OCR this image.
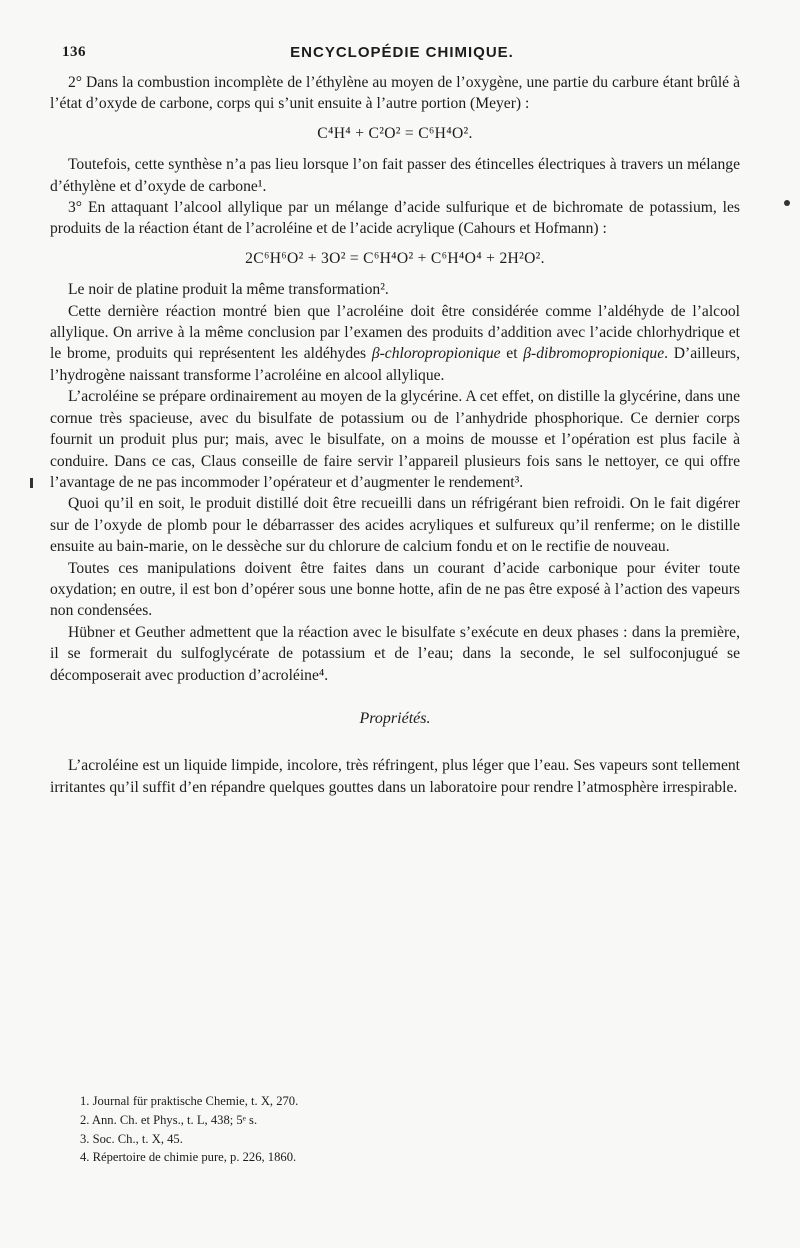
136	ENCYCLOPÉDIE CHIMIQUE.

2° Dans la combustion incomplète de l’éthylène au moyen de l’oxygène, une partie du carbure étant brûlé à l’état d’oxyde de carbone, corps qui s’unit ensuite à l’autre portion (Meyer) :

C⁴H⁴ + C²O² = C⁶H⁴O².

Toutefois, cette synthèse n’a pas lieu lorsque l’on fait passer des étincelles électriques à travers un mélange d’éthylène et d’oxyde de carbone¹.

3° En attaquant l’alcool allylique par un mélange d’acide sulfurique et de bichromate de potassium, les produits de la réaction étant de l’acroléine et de l’acide acrylique (Cahours et Hofmann) :

2C⁶H⁶O² + 3O² = C⁶H⁴O² + C⁶H⁴O⁴ + 2H²O².

Le noir de platine produit la même transformation².

Cette dernière réaction montré bien que l’acroléine doit être considérée comme l’aldéhyde de l’alcool allylique. On arrive à la même conclusion par l’examen des produits d’addition avec l’acide chlorhydrique et le brome, produits qui représentent les aldéhydes β-chloropropionique et β-dibromopropionique. D’ailleurs, l’hydrogène naissant transforme l’acroléine en alcool allylique.

L’acroléine se prépare ordinairement au moyen de la glycérine. A cet effet, on distille la glycérine, dans une cornue très spacieuse, avec du bisulfate de potassium ou de l’anhydride phosphorique. Ce dernier corps fournit un produit plus pur; mais, avec le bisulfate, on a moins de mousse et l’opération est plus facile à conduire. Dans ce cas, Claus conseille de faire servir l’appareil plusieurs fois sans le nettoyer, ce qui offre l’avantage de ne pas incommoder l’opérateur et d’augmenter le rendement³.

Quoi qu’il en soit, le produit distillé doit être recueilli dans un réfrigérant bien refroidi. On le fait digérer sur de l’oxyde de plomb pour le débarrasser des acides acryliques et sulfureux qu’il renferme; on le distille ensuite au bain-marie, on le dessèche sur du chlorure de calcium fondu et on le rectifie de nouveau.

Toutes ces manipulations doivent être faites dans un courant d’acide carbonique pour éviter toute oxydation; en outre, il est bon d’opérer sous une bonne hotte, afin de ne pas être exposé à l’action des vapeurs non condensées.

Hübner et Geuther admettent que la réaction avec le bisulfate s’exécute en deux phases : dans la première, il se formerait du sulfoglycérate de potassium et de l’eau; dans la seconde, le sel sulfoconjugué se décomposerait avec production d’acroléine⁴.

Propriétés.

L’acroléine est un liquide limpide, incolore, très réfringent, plus léger que l’eau. Ses vapeurs sont tellement irritantes qu’il suffit d’en répandre quelques gouttes dans un laboratoire pour rendre l’atmosphère irrespirable.

1. Journal für praktische Chemie, t. X, 270.
2. Ann. Ch. et Phys., t. L, 438; 5ᵉ s.
3. Soc. Ch., t. X, 45.
4. Répertoire de chimie pure, p. 226, 1860.
